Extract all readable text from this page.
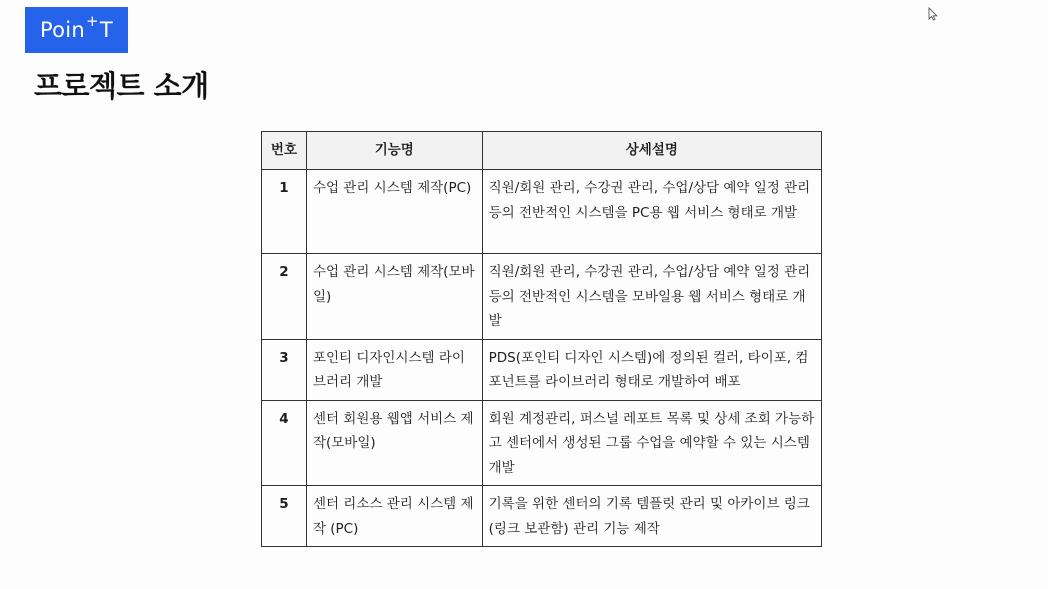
Poin + T
프로젝트 소개
번호	기능명	상세설명
1	수업 관리 시스템 제작(PC)	직원/회원 관리, 수강권 관리, 수업/상담 예약 일정 관리 등의 전반적인 시스템을 PC용 웹 서비스 형태로 개발
2	수업 관리 시스템 제작(모바일)	직원/회원 관리, 수강권 관리, 수업/상담 예약 일정 관리 등의 전반적인 시스템을 모바일용 웹 서비스 형태로 개발
3	포인티 디자인시스템 라이브러리 개발	PDS(포인티 디자인 시스템)에 정의된 컬러, 타이포, 컴포넌트를 라이브러리 형태로 개발하여 배포
4	센터 회원용 웹앱 서비스 제작(모바일)	회원 계정관리, 퍼스널 레포트 목록 및 상세 조회 가능하고 센터에서 생성된 그룹 수업을 예약할 수 있는 시스템 개발
5	센터 리소스 관리 시스템 제작 (PC)	기록을 위한 센터의 기록 템플릿 관리 및 아카이브 링크(링크 보관함) 관리 기능 제작
